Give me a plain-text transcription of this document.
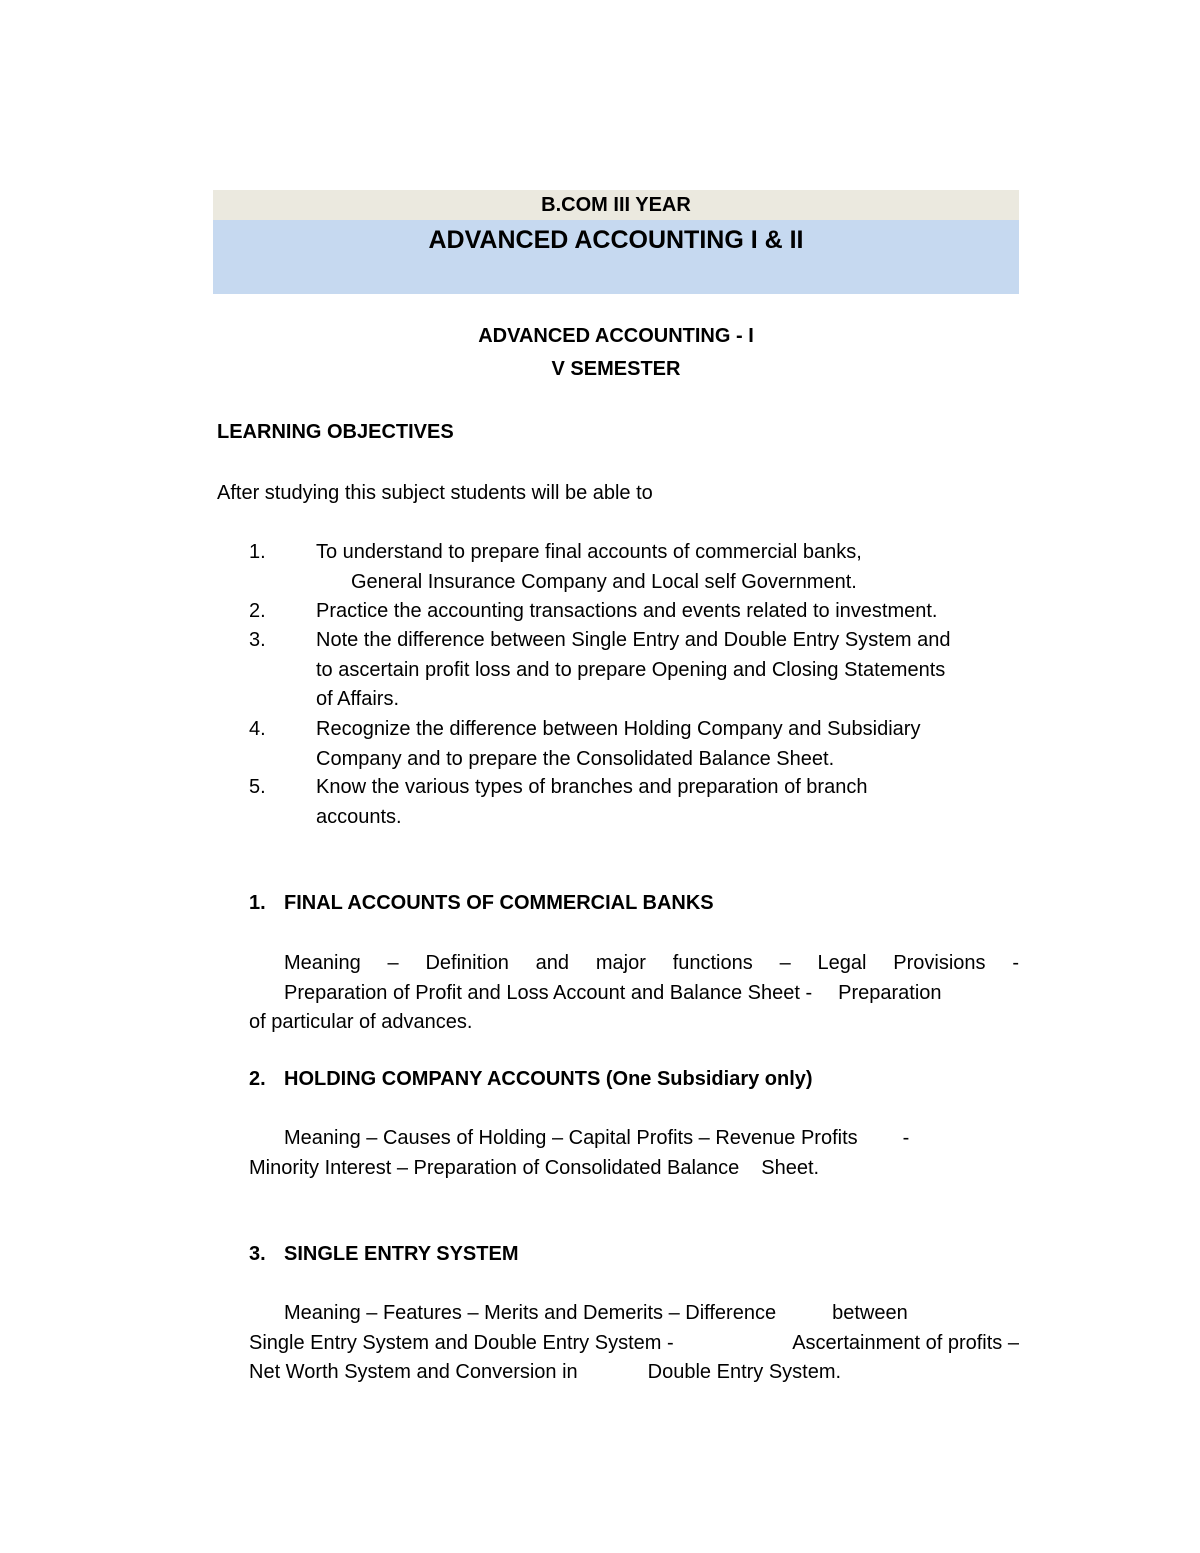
B.COM III YEAR
ADVANCED ACCOUNTING I & II
ADVANCED ACCOUNTING - I
V SEMESTER
LEARNING OBJECTIVES
After studying this subject students will be able to
1.	To understand to prepare final accounts of commercial banks,
General Insurance Company and Local self Government.
2.	Practice the accounting transactions and events related to investment.
3.	Note the difference between Single Entry and Double Entry System and
to ascertain profit loss and to prepare Opening and Closing Statements
of Affairs.
4.	Recognize the difference between Holding Company and Subsidiary
Company and to prepare the Consolidated Balance Sheet.
5.	Know the various types of branches and preparation of branch
accounts.
1. FINAL ACCOUNTS OF COMMERCIAL BANKS
Meaning – Definition and major functions – Legal Provisions -
Preparation of Profit and Loss Account and Balance Sheet - Preparation
of particular of advances.
2. HOLDING COMPANY ACCOUNTS (One Subsidiary only)
Meaning – Causes of Holding – Capital Profits – Revenue Profits -
Minority Interest – Preparation of Consolidated Balance Sheet.
3. SINGLE ENTRY SYSTEM
Meaning – Features – Merits and Demerits – Difference	between
Single Entry System and Double Entry System -	Ascertainment of profits –
Net Worth System and Conversion in	Double Entry System.
